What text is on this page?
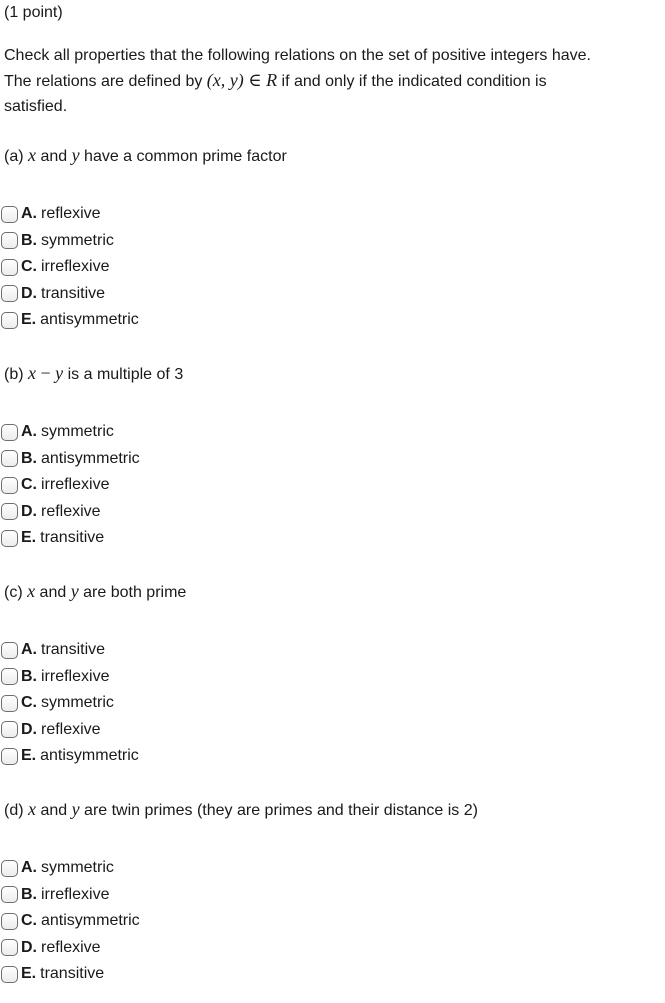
(1 point)
Check all properties that the following relations on the set of positive integers have.
The relations are defined by (x, y) ∈ R if and only if the indicated condition is
satisfied.
(a) x and y have a common prime factor
A. reflexive
B. symmetric
C. irreflexive
D. transitive
E. antisymmetric
(b) x − y is a multiple of 3
A. symmetric
B. antisymmetric
C. irreflexive
D. reflexive
E. transitive
(c) x and y are both prime
A. transitive
B. irreflexive
C. symmetric
D. reflexive
E. antisymmetric
(d) x and y are twin primes (they are primes and their distance is 2)
A. symmetric
B. irreflexive
C. antisymmetric
D. reflexive
E. transitive
